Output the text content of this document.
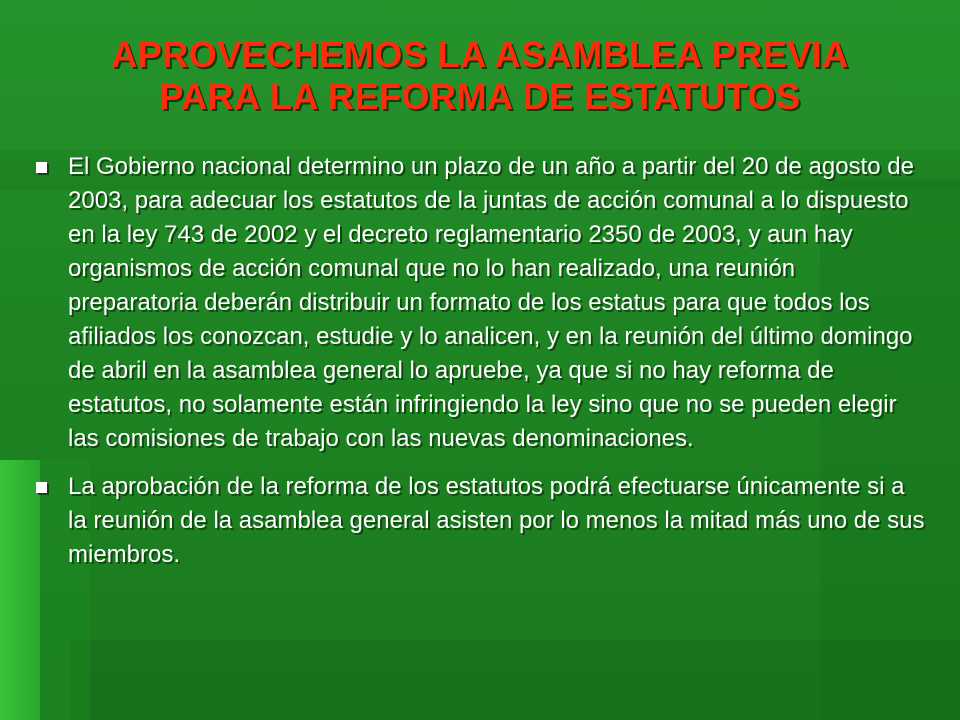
APROVECHEMOS LA ASAMBLEA PREVIA
PARA LA REFORMA DE ESTATUTOS
El Gobierno nacional determino un plazo de un año a partir del 20 de agosto de 2003, para adecuar los estatutos de la juntas de acción comunal a lo dispuesto en la ley 743 de 2002 y el decreto reglamentario 2350 de 2003, y aun hay organismos de acción comunal que no lo han realizado, una reunión preparatoria deberán distribuir un formato de los estatus para que todos los afiliados los conozcan, estudie y lo analicen, y en la reunión del último domingo de abril en la asamblea general lo apruebe, ya que si no hay reforma de estatutos, no solamente están infringiendo la ley sino que no se pueden elegir las comisiones de trabajo con las nuevas denominaciones.
La aprobación de la reforma de los estatutos podrá efectuarse únicamente si a la reunión de la asamblea general asisten por lo menos la mitad más uno de sus miembros.
